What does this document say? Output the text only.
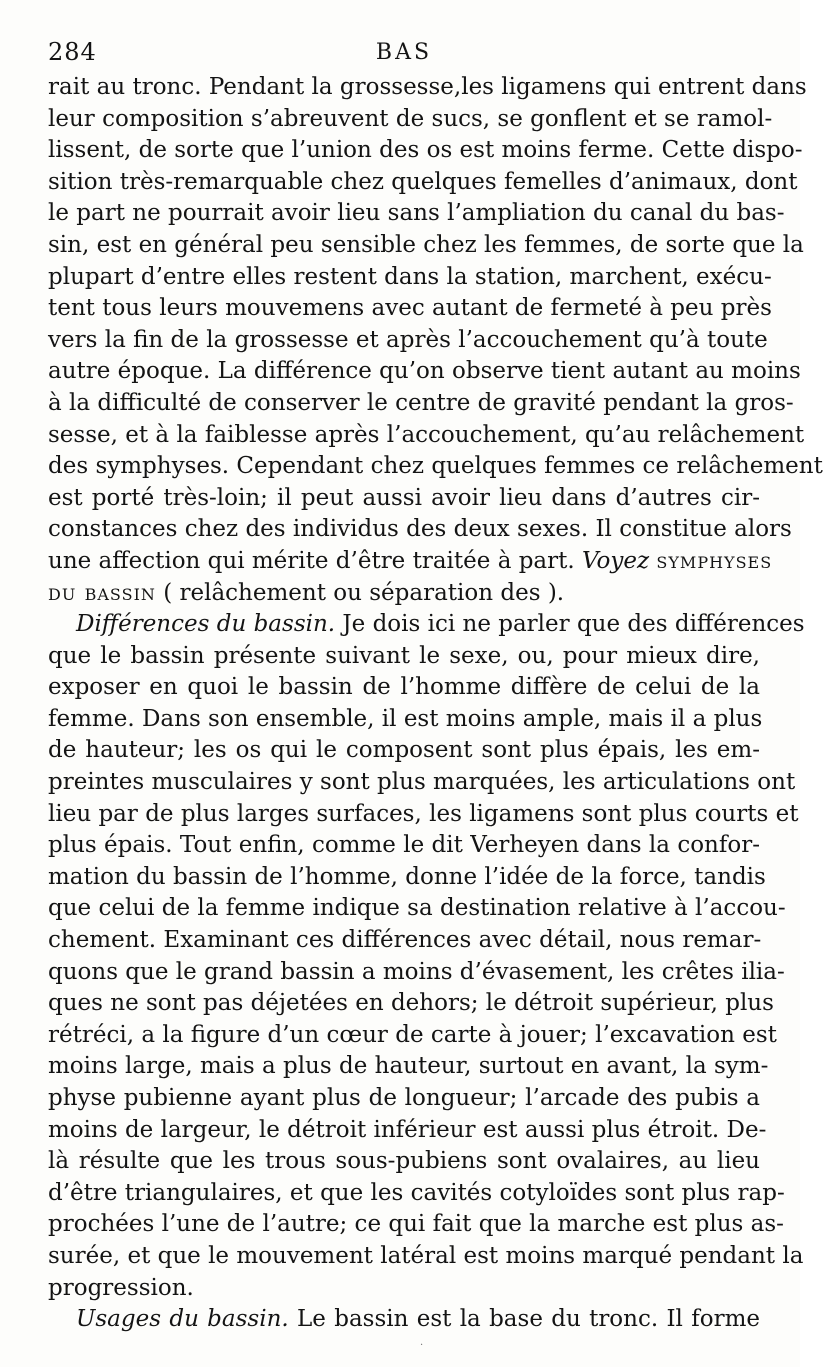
284	BAS
rait au tronc. Pendant la grossesse,les ligamens qui entrent dans
leur composition s’abreuvent de sucs, se gonflent et se ramol-
lissent, de sorte que l’union des os est moins ferme. Cette dispo-
sition très-remarquable chez quelques femelles d’animaux, dont
le part ne pourrait avoir lieu sans l’ampliation du canal du bas-
sin, est en général peu sensible chez les femmes, de sorte que la
plupart d’entre elles restent dans la station, marchent, exécu-
tent tous leurs mouvemens avec autant de fermeté à peu près
vers la fin de la grossesse et après l’accouchement qu’à toute
autre époque. La différence qu’on observe tient autant au moins
à la difficulté de conserver le centre de gravité pendant la gros-
sesse, et à la faiblesse après l’accouchement, qu’au relâchement
des symphyses. Cependant chez quelques femmes ce relâchement
est porté très-loin; il peut aussi avoir lieu dans d’autres cir-
constances chez des individus des deux sexes. Il constitue alors
une affection qui mérite d’être traitée à part. Voyez symphyses
du bassin ( relâchement ou séparation des ).
Différences du bassin. Je dois ici ne parler que des différences
que le bassin présente suivant le sexe, ou, pour mieux dire,
exposer en quoi le bassin de l’homme diffère de celui de la
femme. Dans son ensemble, il est moins ample, mais il a plus
de hauteur; les os qui le composent sont plus épais, les em-
preintes musculaires y sont plus marquées, les articulations ont
lieu par de plus larges surfaces, les ligamens sont plus courts et
plus épais. Tout enfin, comme le dit Verheyen dans la confor-
mation du bassin de l’homme, donne l’idée de la force, tandis
que celui de la femme indique sa destination relative à l’accou-
chement. Examinant ces différences avec détail, nous remar-
quons que le grand bassin a moins d’évasement, les crêtes ilia-
ques ne sont pas déjetées en dehors; le détroit supérieur, plus
rétréci, a la figure d’un cœur de carte à jouer; l’excavation est
moins large, mais a plus de hauteur, surtout en avant, la sym-
physe pubienne ayant plus de longueur; l’arcade des pubis a
moins de largeur, le détroit inférieur est aussi plus étroit. De-
là résulte que les trous sous-pubiens sont ovalaires, au lieu
d’être triangulaires, et que les cavités cotyloïdes sont plus rap-
prochées l’une de l’autre; ce qui fait que la marche est plus as-
surée, et que le mouvement latéral est moins marqué pendant la
progression.
Usages du bassin. Le bassin est la base du tronc. Il forme
·
